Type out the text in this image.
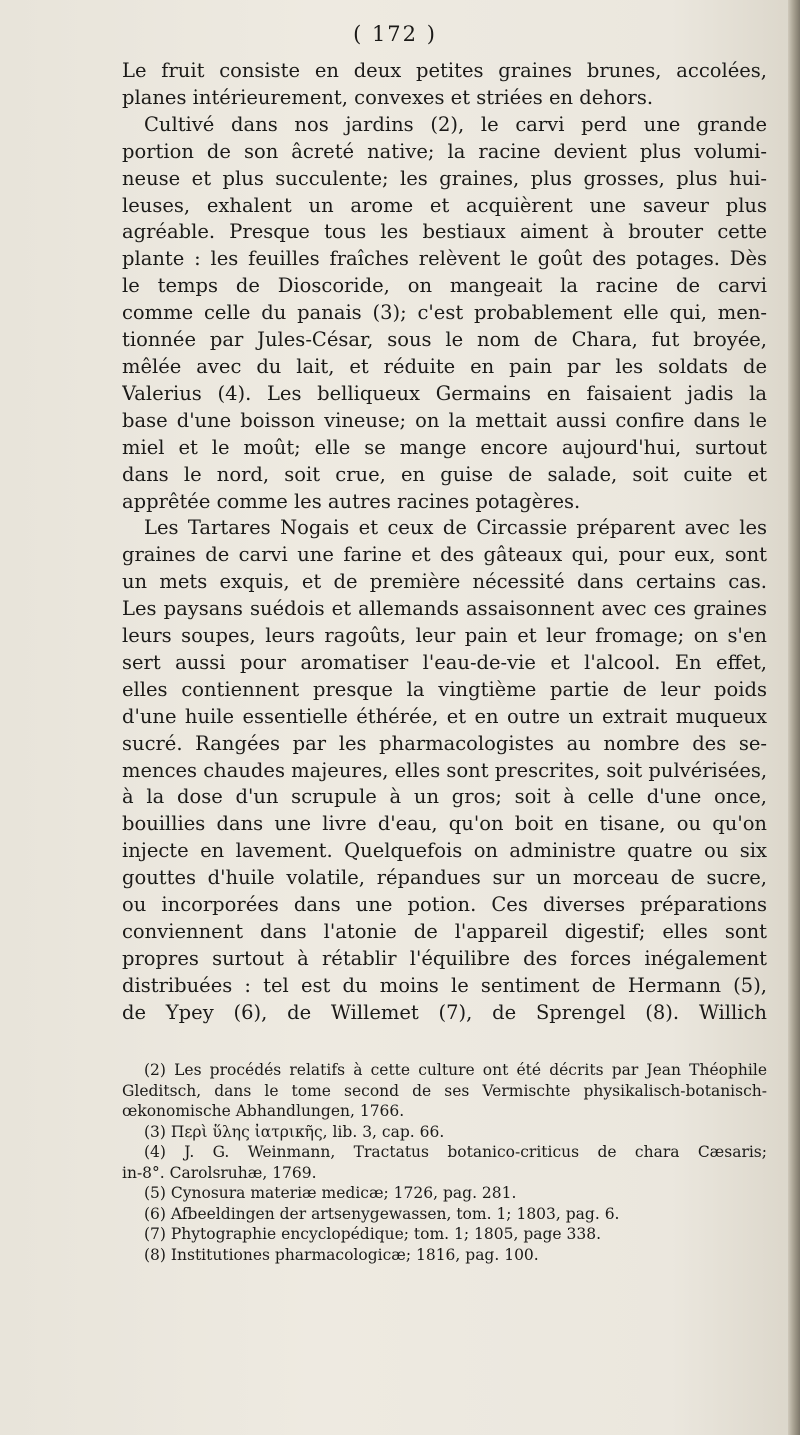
( 172 )
Le fruit consiste en deux petites graines brunes, accolées,
planes intérieurement, convexes et striées en dehors.
Cultivé dans nos jardins (2), le carvi perd une grande
portion de son âcreté native; la racine devient plus volumi-
neuse et plus succulente; les graines, plus grosses, plus hui-
leuses, exhalent un arome et acquièrent une saveur plus
agréable. Presque tous les bestiaux aiment à brouter cette
plante : les feuilles fraîches relèvent le goût des potages. Dès
le temps de Dioscoride, on mangeait la racine de carvi
comme celle du panais (3); c'est probablement elle qui, men-
tionnée par Jules-César, sous le nom de Chara, fut broyée,
mêlée avec du lait, et réduite en pain par les soldats de
Valerius (4). Les belliqueux Germains en faisaient jadis la
base d'une boisson vineuse; on la mettait aussi confire dans le
miel et le moût; elle se mange encore aujourd'hui, surtout
dans le nord, soit crue, en guise de salade, soit cuite et
apprêtée comme les autres racines potagères.
Les Tartares Nogais et ceux de Circassie préparent avec les
graines de carvi une farine et des gâteaux qui, pour eux, sont
un mets exquis, et de première nécessité dans certains cas.
Les paysans suédois et allemands assaisonnent avec ces graines
leurs soupes, leurs ragoûts, leur pain et leur fromage; on s'en
sert aussi pour aromatiser l'eau-de-vie et l'alcool. En effet,
elles contiennent presque la vingtième partie de leur poids
d'une huile essentielle éthérée, et en outre un extrait muqueux
sucré. Rangées par les pharmacologistes au nombre des se-
mences chaudes majeures, elles sont prescrites, soit pulvérisées,
à la dose d'un scrupule à un gros; soit à celle d'une once,
bouillies dans une livre d'eau, qu'on boit en tisane, ou qu'on
injecte en lavement. Quelquefois on administre quatre ou six
gouttes d'huile volatile, répandues sur un morceau de sucre,
ou incorporées dans une potion. Ces diverses préparations
conviennent dans l'atonie de l'appareil digestif; elles sont
propres surtout à rétablir l'équilibre des forces inégalement
distribuées : tel est du moins le sentiment de Hermann (5),
de Ypey (6), de Willemet (7), de Sprengel (8). Willich
(2) Les procédés relatifs à cette culture ont été décrits par Jean Théophile
Gleditsch, dans le tome second de ses Vermischte physikalisch-botanisch-
œkonomische Abhandlungen, 1766.
(3) Περὶ ὕλης ἰατρικῆς, lib. 3, cap. 66.
(4) J. G. Weinmann, Tractatus botanico-criticus de chara Cæsaris;
in-8°. Carolsruhæ, 1769.
(5) Cynosura materiæ medicæ; 1726, pag. 281.
(6) Afbeeldingen der artsenygewassen, tom. 1; 1803, pag. 6.
(7) Phytographie encyclopédique; tom. 1; 1805, page 338.
(8) Institutiones pharmacologicæ; 1816, pag. 100.
